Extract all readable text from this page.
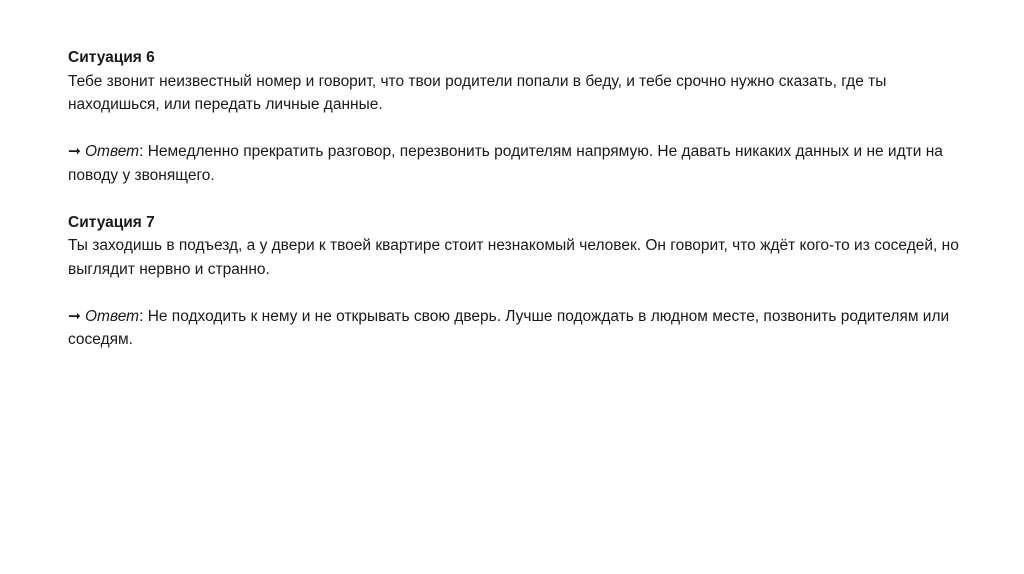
Ситуация 6
Тебе звонит неизвестный номер и говорит, что твои родители попали в беду, и тебе срочно нужно сказать, где ты находишься, или передать личные данные.
➞ Ответ: Немедленно прекратить разговор, перезвонить родителям напрямую. Не давать никаких данных и не идти на поводу у звонящего.
Ситуация 7
Ты заходишь в подъезд, а у двери к твоей квартире стоит незнакомый человек. Он говорит, что ждёт кого-то из соседей, но выглядит нервно и странно.
➞ Ответ: Не подходить к нему и не открывать свою дверь. Лучше подождать в людном месте, позвонить родителям или соседям.
